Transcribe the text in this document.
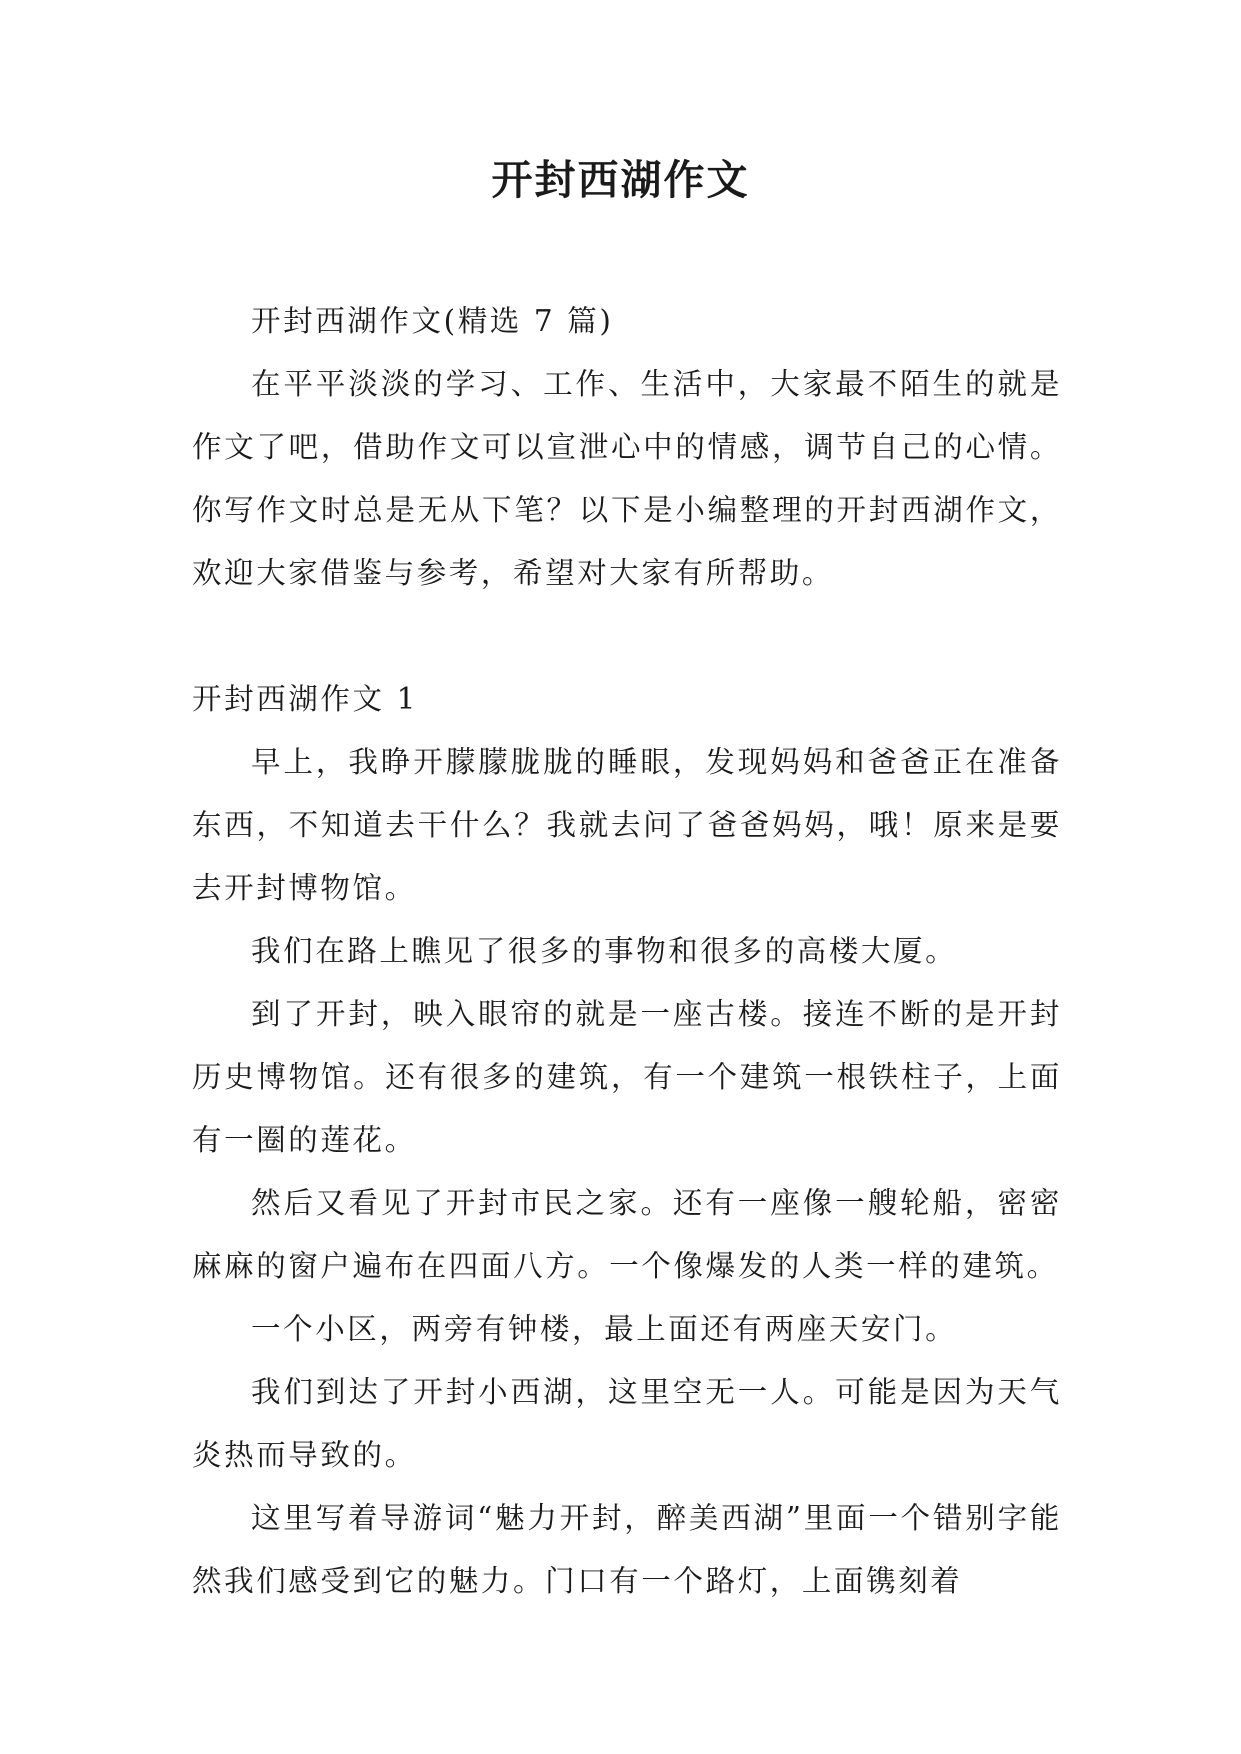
开封西湖作文

开封西湖作文(精选 7 篇)

在平平淡淡的学习、工作、生活中，大家最不陌生的就是作文了吧，借助作文可以宣泄心中的情感，调节自己的心情。你写作文时总是无从下笔？以下是小编整理的开封西湖作文，欢迎大家借鉴与参考，希望对大家有所帮助。

开封西湖作文 1

早上，我睁开朦朦胧胧的睡眼，发现妈妈和爸爸正在准备东西，不知道去干什么？我就去问了爸爸妈妈，哦！原来是要去开封博物馆。

我们在路上瞧见了很多的事物和很多的高楼大厦。

到了开封，映入眼帘的就是一座古楼。接连不断的是开封历史博物馆。还有很多的建筑，有一个建筑一根铁柱子，上面有一圈的莲花。

然后又看见了开封市民之家。还有一座像一艘轮船，密密麻麻的窗户遍布在四面八方。一个像爆发的人类一样的建筑。

一个小区，两旁有钟楼，最上面还有两座天安门。

我们到达了开封小西湖，这里空无一人。可能是因为天气炎热而导致的。

这里写着导游词“魅力开封，醉美西湖”里面一个错别字能然我们感受到它的魅力。门口有一个路灯，上面镌刻着
